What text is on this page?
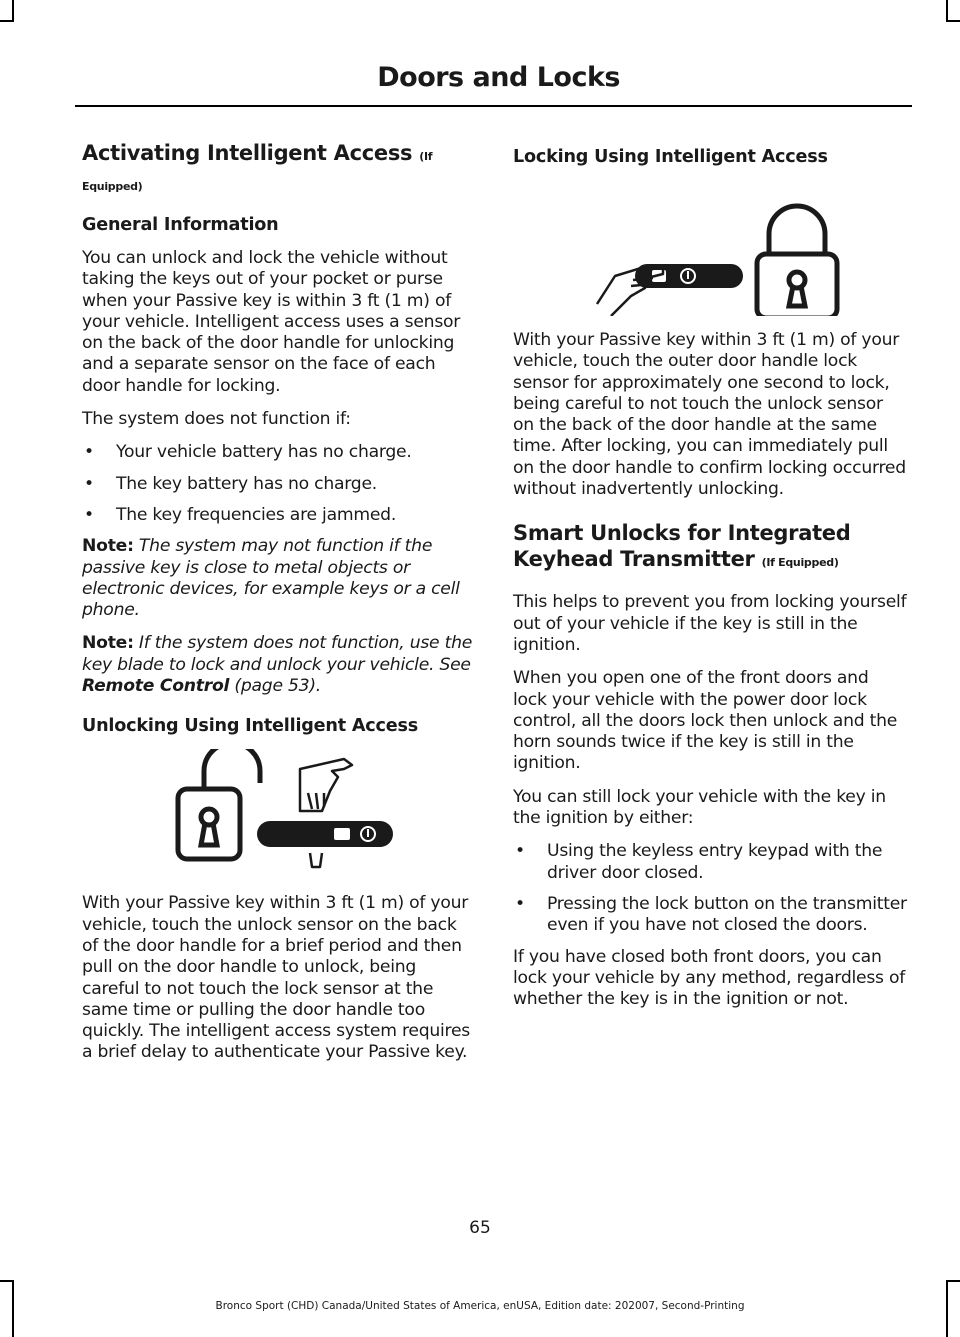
Doors and Locks
Activating Intelligent Access (If Equipped)
General Information

You can unlock and lock the vehicle without taking the keys out of your pocket or purse when your Passive key is within 3 ft (1 m) of your vehicle. Intelligent access uses a sensor on the back of the door handle for unlocking and a separate sensor on the face of each door handle for locking.

The system does not function if:

• Your vehicle battery has no charge.
• The key battery has no charge.
• The key frequencies are jammed.

Note: The system may not function if the passive key is close to metal objects or electronic devices, for example keys or a cell phone.

Note: If the system does not function, use the key blade to lock and unlock your vehicle. See Remote Control (page 53).

Unlocking Using Intelligent Access

With your Passive key within 3 ft (1 m) of your vehicle, touch the unlock sensor on the back of the door handle for a brief period and then pull on the door handle to unlock, being careful to not touch the lock sensor at the same time or pulling the door handle too quickly. The intelligent access system requires a brief delay to authenticate your Passive key.

Locking Using Intelligent Access

With your Passive key within 3 ft (1 m) of your vehicle, touch the outer door handle lock sensor for approximately one second to lock, being careful to not touch the unlock sensor on the back of the door handle at the same time. After locking, you can immediately pull on the door handle to confirm locking occurred without inadvertently unlocking.

Smart Unlocks for Integrated
Keyhead Transmitter (If Equipped)

This helps to prevent you from locking yourself out of your vehicle if the key is still in the ignition.

When you open one of the front doors and lock your vehicle with the power door lock control, all the doors lock then unlock and the horn sounds twice if the key is still in the ignition.

You can still lock your vehicle with the key in the ignition by either:

• Using the keyless entry keypad with the driver door closed.
• Pressing the lock button on the transmitter even if you have not closed the doors.

If you have closed both front doors, you can lock your vehicle by any method, regardless of whether the key is in the ignition or not.

65
Bronco Sport (CHD) Canada/United States of America, enUSA, Edition date: 202007, Second-Printing
